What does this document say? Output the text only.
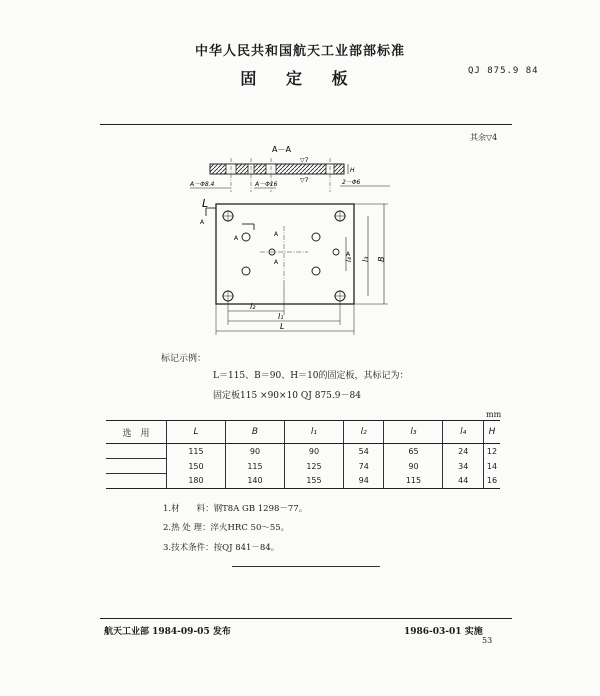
中华人民共和国航天工业部部标准
QJ 875.9 84
固 定 板
其余▽4
A－A
A－Φ8.4	A－Φ16	2－Φ6
▽7
▽7
H
L
A
A
A
A
A
l₂
l₁
L
l₄ l₃ B
标记示例：
L＝115、B＝90、H＝10的固定板，其标记为：
固定板115 ×90×10 QJ 875.9－84
mm
选　用	L	B	l₁	l₂	l₃	l₄	H
	115	90	90	54	65	24	12
	150	115	125	74	90	34	14
	180	140	155	94	115	44	16
1.材　　料：钢T8A GB 1298－77。
2.热 处 理：淬火HRC 50～55。
3.技术条件：按QJ 841－84。
航天工业部 1984-09-05 发布	1986-03-01 实施
53
